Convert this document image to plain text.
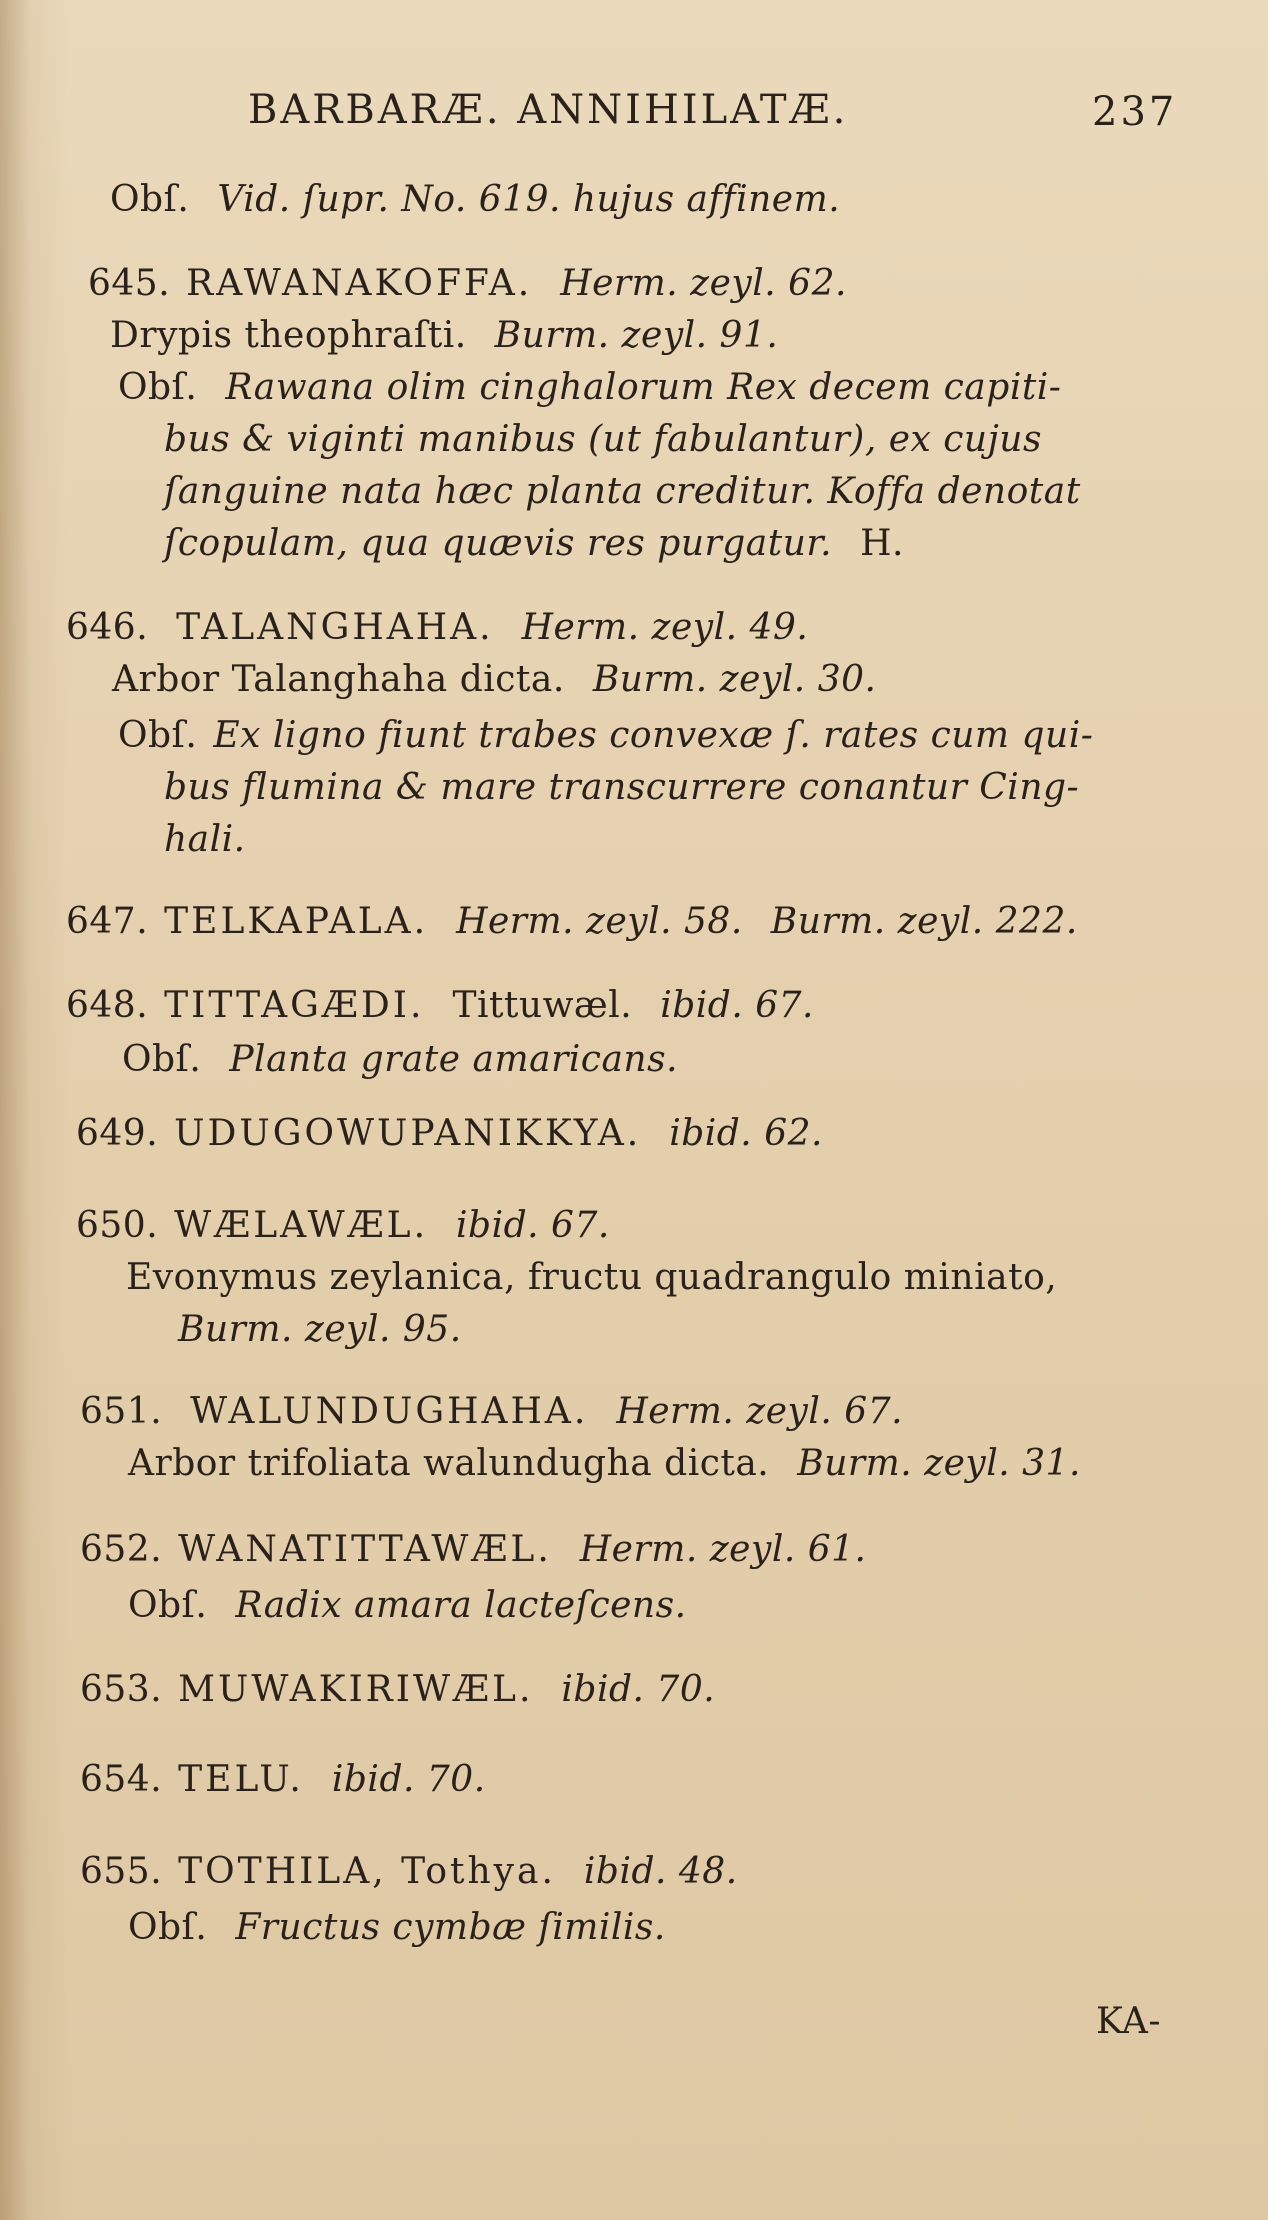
BARBARÆ. ANNIHILATÆ.	237
Obſ. Vid. ſupr. No. 619. hujus affinem.
645. RAWANAKOFFA. Herm. zeyl. 62.
Drypis theophraſti. Burm. zeyl. 91.
Obſ. Rawana olim cinghalorum Rex decem capiti-
bus & viginti manibus (ut fabulantur), ex cujus
ſanguine nata hæc planta creditur. Koffa denotat
ſcopulam, qua quævis res purgatur. H.
646. TALANGHAHA. Herm. zeyl. 49.
Arbor Talanghaha dicta. Burm. zeyl. 30.
Obſ. Ex ligno fiunt trabes convexæ ſ. rates cum qui-
bus flumina & mare transcurrere conantur Cing-
hali.
647. TELKAPALA. Herm. zeyl. 58. Burm. zeyl. 222.
648. TITTAGÆDI. Tittuwæl. ibid. 67.
Obſ. Planta grate amaricans.
649. UDUGOWUPANIKKYA. ibid. 62.
650. WÆLAWÆL. ibid. 67.
Evonymus zeylanica, fructu quadrangulo miniato,
Burm. zeyl. 95.
651. WALUNDUGHAHA. Herm. zeyl. 67.
Arbor trifoliata walundugha dicta. Burm. zeyl. 31.
652. WANATITTAWÆL. Herm. zeyl. 61.
Obſ. Radix amara lacteſcens.
653. MUWAKIRIWÆL. ibid. 70.
654. TELU. ibid. 70.
655. TOTHILA, Tothya. ibid. 48.
Obſ. Fructus cymbæ ſimilis.
KA-
